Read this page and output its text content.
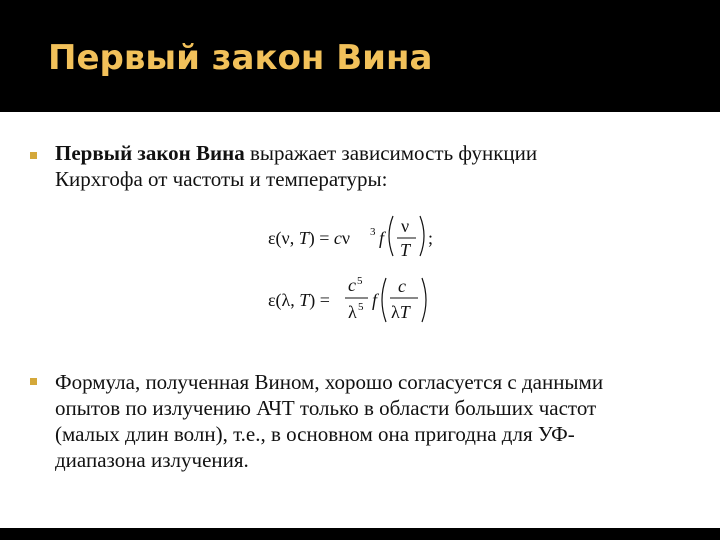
Первый закон Вина
Первый закон Вина выражает зависимость функции
Кирхгофа от частоты и температуры:
ε(ν, T) = cν 3 f
ν
T
;
ε(λ, T) =
c 5
λ 5 f
c
λT
Формула, полученная Вином, хорошо согласуется с данными
опытов по излучению АЧТ только в области больших частот
(малых длин волн), т.е., в основном она пригодна для УФ-
диапазона излучения.
